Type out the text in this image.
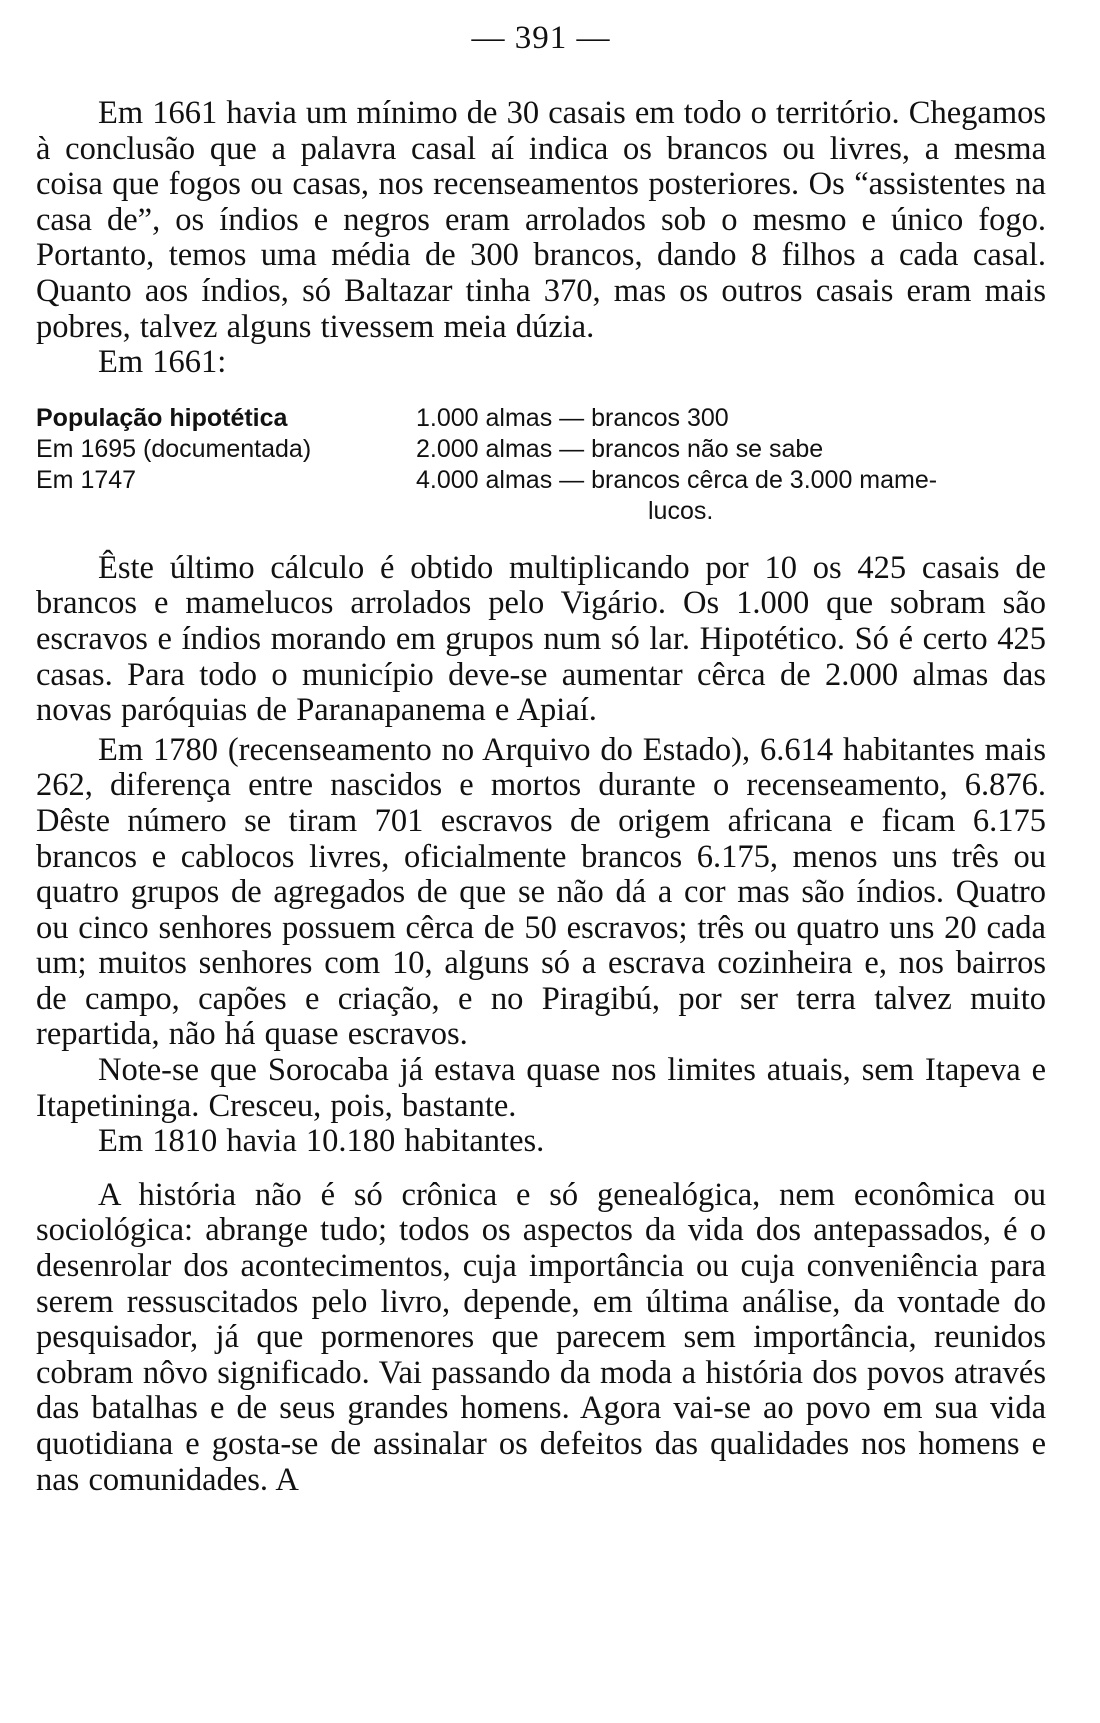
— 391 —

Em 1661 havia um mínimo de 30 casais em todo o território. Chegamos à conclusão que a palavra casal aí indica os brancos ou livres, a mesma coisa que fogos ou casas, nos recenseamentos posteriores. Os “assistentes na casa de”, os índios e negros eram arrolados sob o mesmo e único fogo. Portanto, temos uma média de 300 brancos, dando 8 filhos a cada casal. Quanto aos índios, só Baltazar tinha 370, mas os outros casais eram mais pobres, talvez alguns tivessem meia dúzia.

Em 1661:

População hipotética	1.000 almas — brancos 300
Em 1695 (documentada)	2.000 almas — brancos não se sabe
Em 1747	4.000 almas — brancos cêrca de 3.000 mame-
lucos.

Êste último cálculo é obtido multiplicando por 10 os 425 casais de brancos e mamelucos arrolados pelo Vigário. Os 1.000 que sobram são escravos e índios morando em grupos num só lar. Hipotético. Só é certo 425 casas. Para todo o município deve-se aumentar cêrca de 2.000 almas das novas paróquias de Paranapanema e Apiaí.

Em 1780 (recenseamento no Arquivo do Estado), 6.614 habitantes mais 262, diferença entre nascidos e mortos durante o recenseamento, 6.876. Dêste número se tiram 701 escravos de origem africana e ficam 6.175 brancos e cablocos livres, oficialmente brancos 6.175, menos uns três ou quatro grupos de agregados de que se não dá a cor mas são índios. Quatro ou cinco senhores possuem cêrca de 50 escravos; três ou quatro uns 20 cada um; muitos senhores com 10, alguns só a escrava cozinheira e, nos bairros de campo, capões e criação, e no Piragibú, por ser terra talvez muito repartida, não há quase escravos.

Note-se que Sorocaba já estava quase nos limites atuais, sem Itapeva e Itapetininga. Cresceu, pois, bastante.

Em 1810 havia 10.180 habitantes.

A história não é só crônica e só genealógica, nem econômica ou sociológica: abrange tudo; todos os aspectos da vida dos antepassados, é o desenrolar dos acontecimentos, cuja importância ou cuja conveniência para serem ressuscitados pelo livro, depende, em última análise, da vontade do pesquisador, já que pormenores que parecem sem importância, reunidos cobram nôvo significado. Vai passando da moda a história dos povos através das batalhas e de seus grandes homens. Agora vai-se ao povo em sua vida quotidiana e gosta-se de assinalar os defeitos das qualidades nos homens e nas comunidades. A
